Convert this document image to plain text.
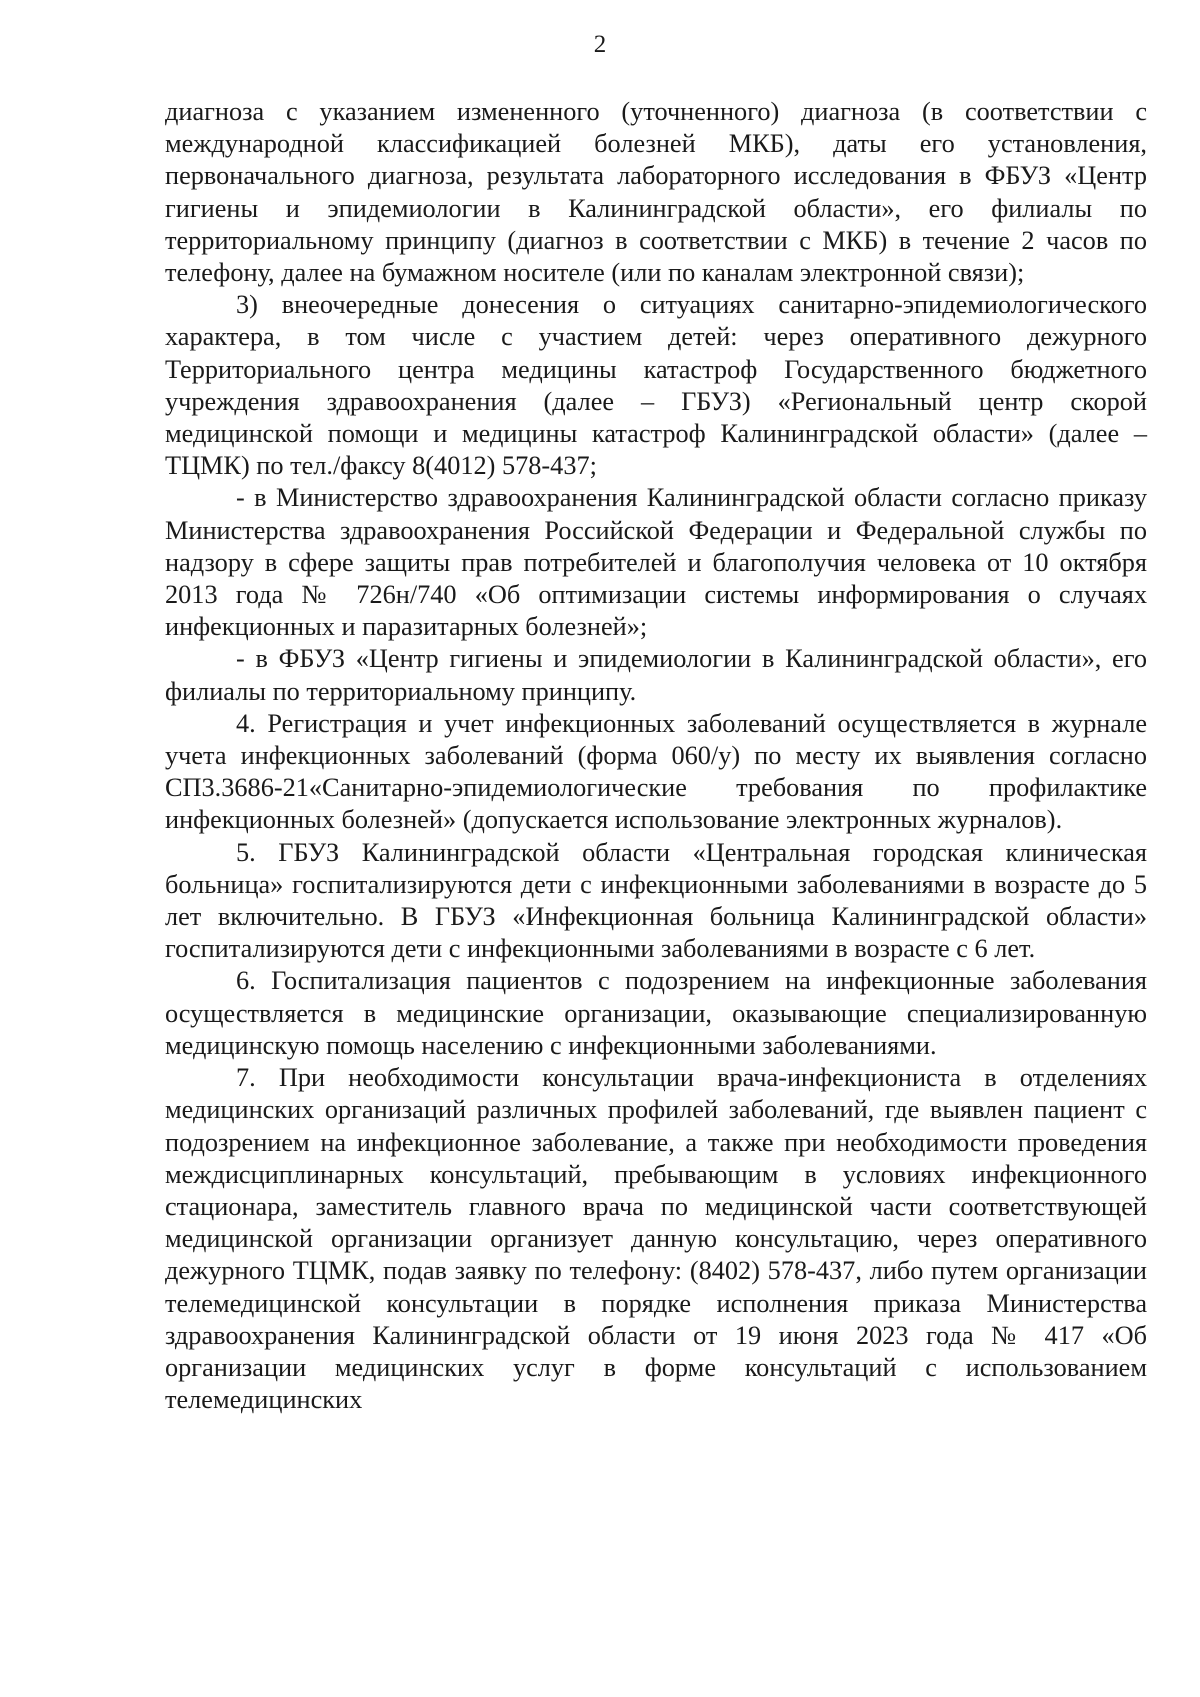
2

диагноза с указанием измененного (уточненного) диагноза (в соответствии с международной классификацией болезней МКБ), даты его установления, первоначального диагноза, результата лабораторного исследования в ФБУЗ «Центр гигиены и эпидемиологии в Калининградской области», его филиалы по территориальному принципу (диагноз в соответствии с МКБ) в течение 2 часов по телефону, далее на бумажном носителе (или по каналам электронной связи);

3) внеочередные донесения о ситуациях санитарно-эпидемиологического характера, в том числе с участием детей: через оперативного дежурного Территориального центра медицины катастроф Государственного бюджетного учреждения здравоохранения (далее – ГБУЗ) «Региональный центр скорой медицинской помощи и медицины катастроф Калининградской области» (далее – ТЦМК) по тел./факсу 8(4012) 578-437;

- в Министерство здравоохранения Калининградской области согласно приказу Министерства здравоохранения Российской Федерации и Федеральной службы по надзору в сфере защиты прав потребителей и благополучия человека от 10 октября 2013 года № 726н/740 «Об оптимизации системы информирования о случаях инфекционных и паразитарных болезней»;

- в ФБУЗ «Центр гигиены и эпидемиологии в Калининградской области», его филиалы по территориальному принципу.

4. Регистрация и учет инфекционных заболеваний осуществляется в журнале учета инфекционных заболеваний (форма 060/у) по месту их выявления согласно СП3.3686-21«Санитарно-эпидемиологические требования по профилактике инфекционных болезней» (допускается использование электронных журналов).

5. ГБУЗ Калининградской области «Центральная городская клиническая больница» госпитализируются дети с инфекционными заболеваниями в возрасте до 5 лет включительно. В ГБУЗ «Инфекционная больница Калининградской области» госпитализируются дети с инфекционными заболеваниями в возрасте с 6 лет.

6. Госпитализация пациентов с подозрением на инфекционные заболевания осуществляется в медицинские организации, оказывающие специализированную медицинскую помощь населению с инфекционными заболеваниями.

7. При необходимости консультации врача-инфекциониста в отделениях медицинских организаций различных профилей заболеваний, где выявлен пациент с подозрением на инфекционное заболевание, а также при необходимости проведения междисциплинарных консультаций, пребывающим в условиях инфекционного стационара, заместитель главного врача по медицинской части соответствующей медицинской организации организует данную консультацию, через оперативного дежурного ТЦМК, подав заявку по телефону: (8402) 578-437, либо путем организации телемедицинской консультации в порядке исполнения приказа Министерства здравоохранения Калининградской области от 19 июня 2023 года № 417 «Об организации медицинских услуг в форме консультаций с использованием телемедицинских
